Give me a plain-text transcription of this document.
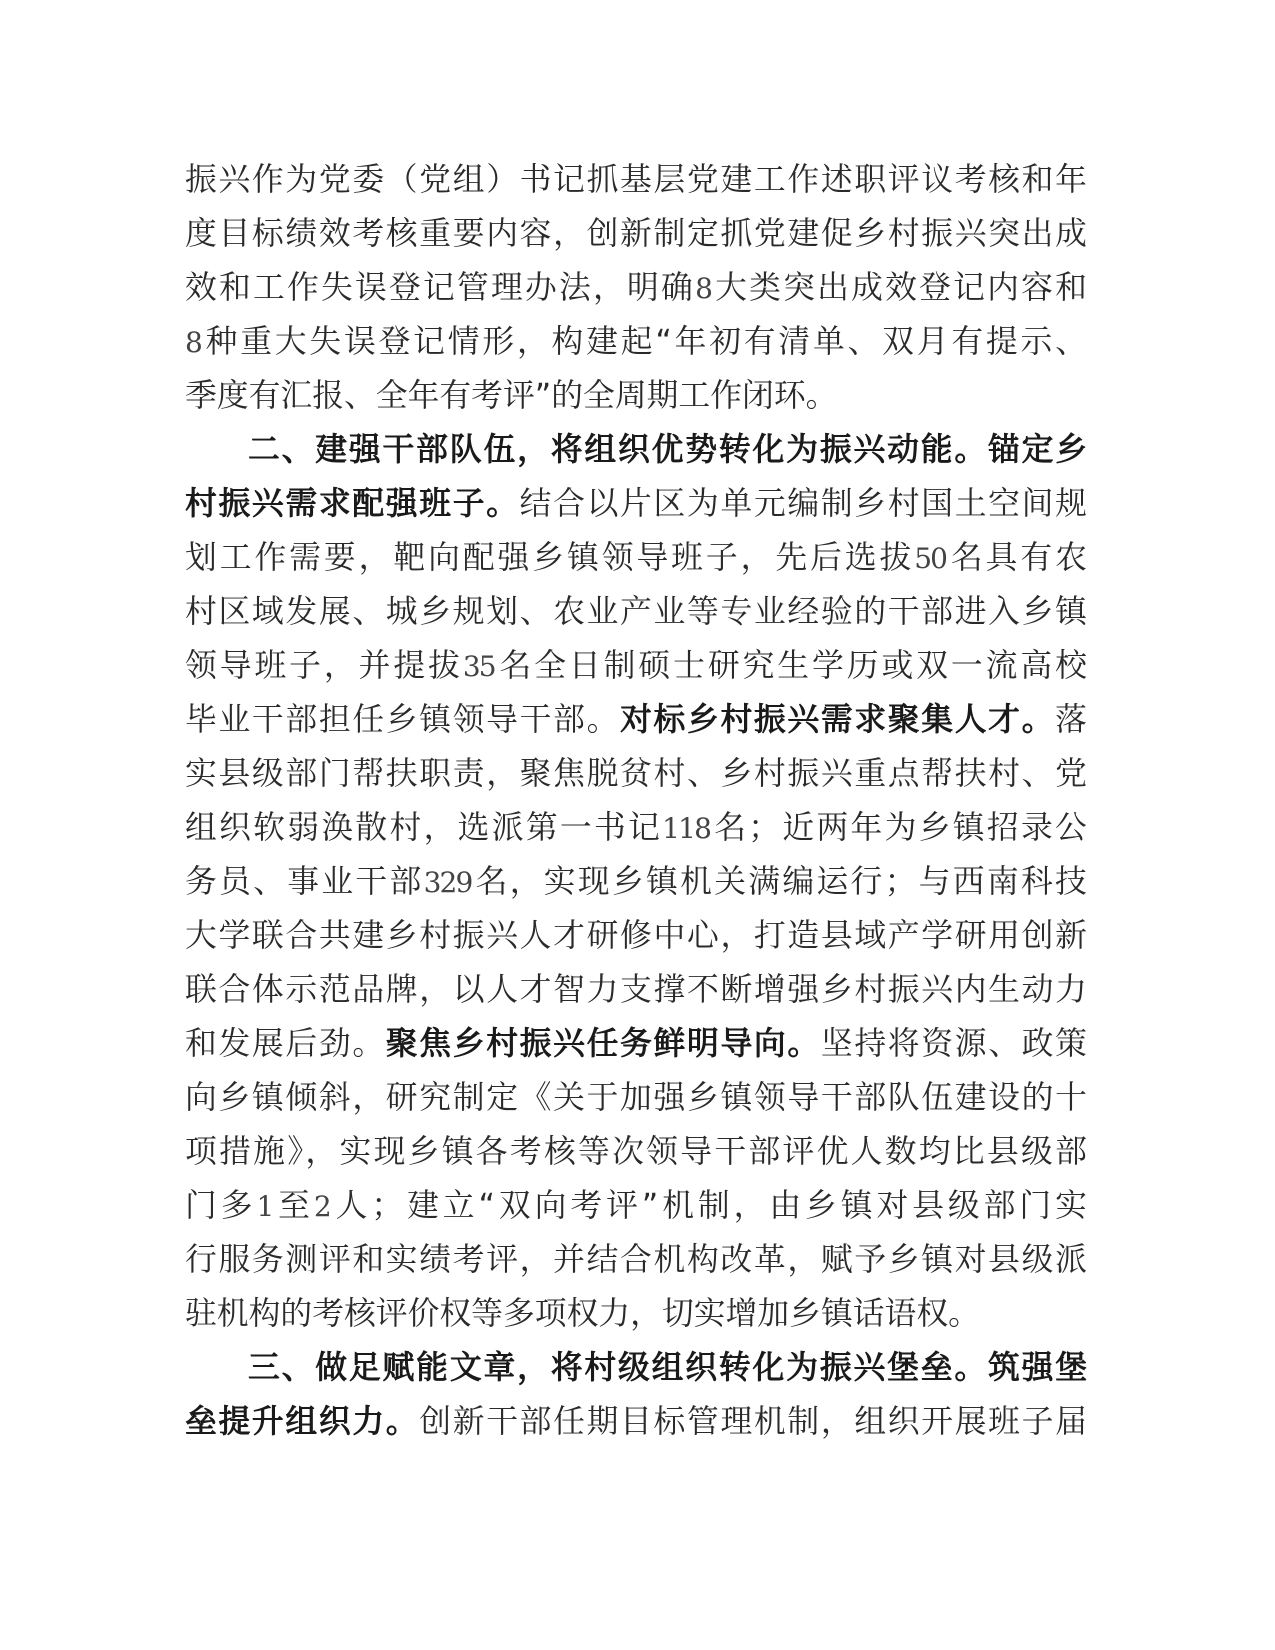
振兴作为党委（党组）书记抓基层党建工作述职评议考核和年
度目标绩效考核重要内容，创新制定抓党建促乡村振兴突出成
效和工作失误登记管理办法，明确8大类突出成效登记内容和
8种重大失误登记情形，构建起“年初有清单、双月有提示、
季度有汇报、全年有考评”的全周期工作闭环。
二、建强干部队伍，将组织优势转化为振兴动能。锚定乡
村振兴需求配强班子。结合以片区为单元编制乡村国土空间规
划工作需要，靶向配强乡镇领导班子，先后选拔50名具有农
村区域发展、城乡规划、农业产业等专业经验的干部进入乡镇
领导班子，并提拔35名全日制硕士研究生学历或双一流高校
毕业干部担任乡镇领导干部。对标乡村振兴需求聚集人才。落
实县级部门帮扶职责，聚焦脱贫村、乡村振兴重点帮扶村、党
组织软弱涣散村，选派第一书记118名；近两年为乡镇招录公
务员、事业干部329名，实现乡镇机关满编运行；与西南科技
大学联合共建乡村振兴人才研修中心，打造县域产学研用创新
联合体示范品牌，以人才智力支撑不断增强乡村振兴内生动力
和发展后劲。聚焦乡村振兴任务鲜明导向。坚持将资源、政策
向乡镇倾斜，研究制定《关于加强乡镇领导干部队伍建设的十
项措施》，实现乡镇各考核等次领导干部评优人数均比县级部
门多1至2人；建立“双向考评”机制，由乡镇对县级部门实
行服务测评和实绩考评，并结合机构改革，赋予乡镇对县级派
驻机构的考核评价权等多项权力，切实增加乡镇话语权。
三、做足赋能文章，将村级组织转化为振兴堡垒。筑强堡
垒提升组织力。创新干部任期目标管理机制，组织开展班子届
